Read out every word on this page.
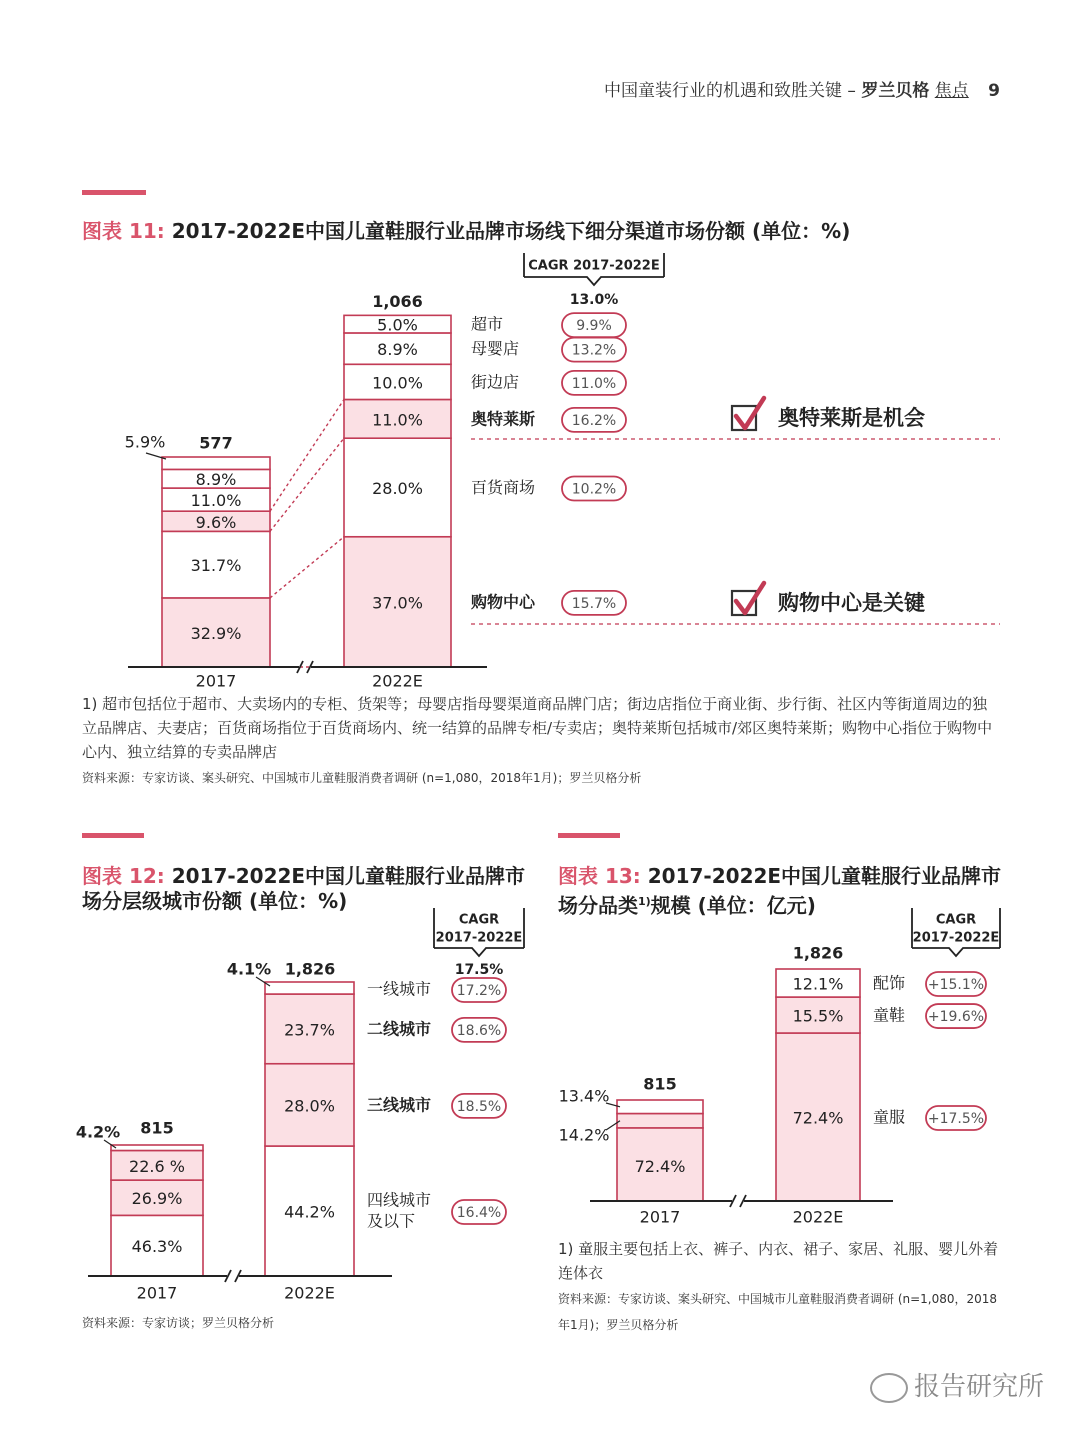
中国童装行业的机遇和致胜关键 – 罗兰贝格 焦点 9
图表 11: 2017-2022E中国儿童鞋服行业品牌市场线下细分渠道市场份额 (单位：%)
1) 超市包括位于超市、大卖场内的专柜、货架等；母婴店指母婴渠道商品牌门店；街边店指位于商业街、步行街、社区内等街道周边的独立品牌店、夫妻店；百货商场指位于百货商场内、统一结算的品牌专柜/专卖店；奥特莱斯包括城市/郊区奥特莱斯；购物中心指位于购物中心内、独立结算的专卖品牌店
资料来源：专家访谈、案头研究、中国城市儿童鞋服消费者调研 (n=1,080，2018年1月)；罗兰贝格分析
图表 12: 2017-2022E中国儿童鞋服行业品牌市
场分层级城市份额 (单位：%)
资料来源：专家访谈；罗兰贝格分析
图表 13: 2017-2022E中国儿童鞋服行业品牌市
场分品类$^{1)}$规模 (单位：亿元)
1) 童服主要包括上衣、裤子、内衣、裙子、家居、礼服、婴儿外着连体衣
资料来源：专家访谈、案头研究、中国城市儿童鞋服消费者调研 (n=1,080，2018年1月)；罗兰贝格分析
32.9%
37.0%
31.7%
28.0%
9.6%
11.0%
11.0%
10.0%
8.9%
8.9%
5.9%
5.0%
577
1,066
2017	2022E
CAGR 2017-2022E
13.0%
购物中心	15.7%
百货商场	10.2%
奥特莱斯	16.2%
街边店	11.0%
母婴店	13.2%
超市	9.9%
奥特莱斯是机会
购物中心是关键
46.3%
44.2%
26.9%
28.0%
22.6 %
23.7%
4.2%
4.1%
815
1,826
2017	2022E
CAGR
2017-2022E
17.5%
四线城市
及以下	16.4%
三线城市 18.5%
二线城市 18.6%
一线城市 17.2%
72.4%
14.2%
13.4%
72.4%
15.5%
12.1%
815
1,826
2017	2022E
CAGR
2017-2022E
童服 +17.5%
童鞋 +19.6%
配饰 +15.1%
报告研究所
